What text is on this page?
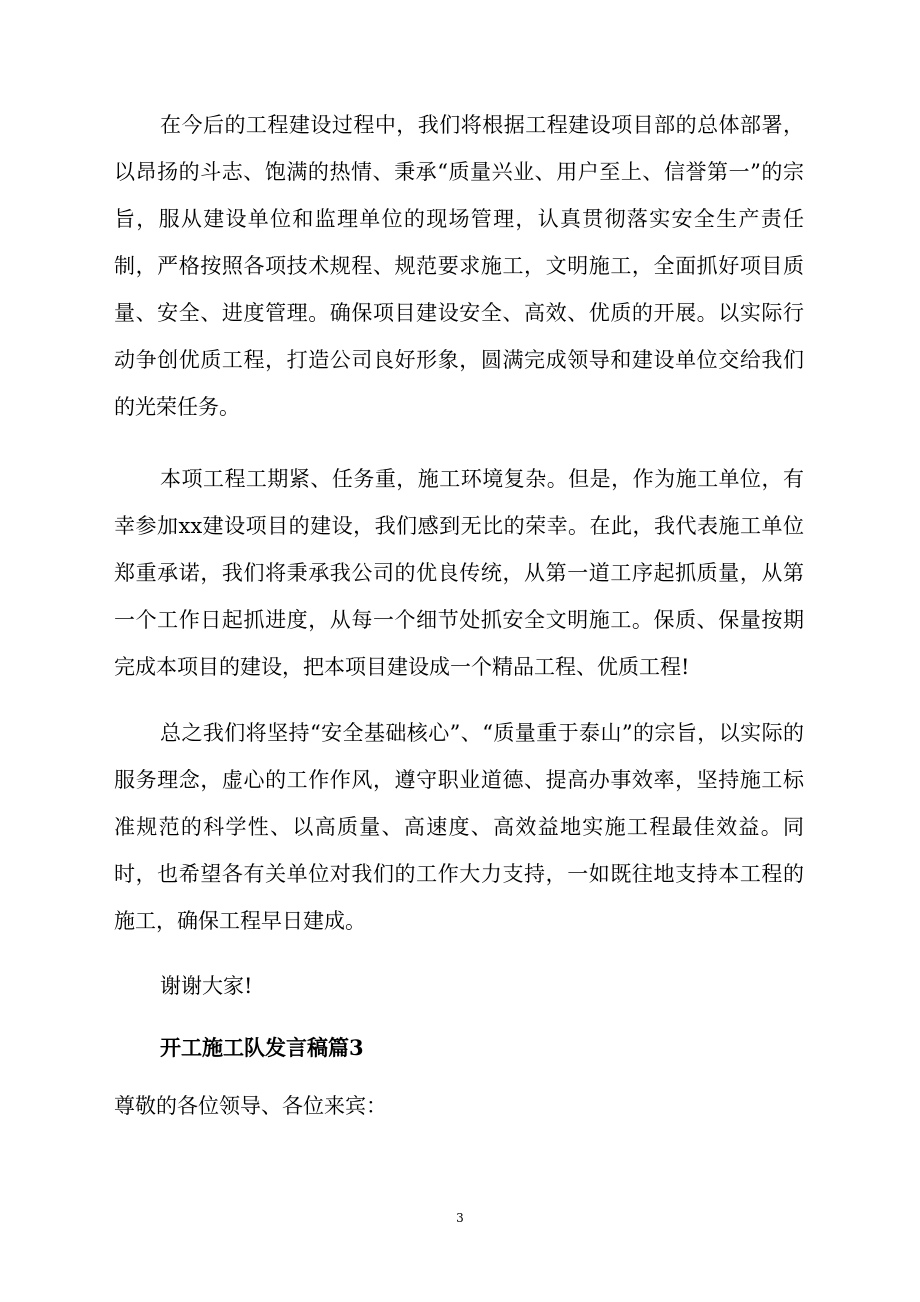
在今后的工程建设过程中，我们将根据工程建设项目部的总体部署，以昂扬的斗志、饱满的热情、秉承“质量兴业、用户至上、信誉第一”的宗旨，服从建设单位和监理单位的现场管理，认真贯彻落实安全生产责任制，严格按照各项技术规程、规范要求施工，文明施工，全面抓好项目质量、安全、进度管理。确保项目建设安全、高效、优质的开展。以实际行动争创优质工程，打造公司良好形象，圆满完成领导和建设单位交给我们的光荣任务。

本项工程工期紧、任务重，施工环境复杂。但是，作为施工单位，有幸参加xx建设项目的建设，我们感到无比的荣幸。在此，我代表施工单位郑重承诺，我们将秉承我公司的优良传统，从第一道工序起抓质量，从第一个工作日起抓进度，从每一个细节处抓安全文明施工。保质、保量按期完成本项目的建设，把本项目建设成一个精品工程、优质工程!

总之我们将坚持“安全基础核心”、“质量重于泰山”的宗旨，以实际的服务理念，虚心的工作作风，遵守职业道德、提高办事效率，坚持施工标准规范的科学性、以高质量、高速度、高效益地实施工程最佳效益。同时，也希望各有关单位对我们的工作大力支持，一如既往地支持本工程的施工，确保工程早日建成。

谢谢大家!

开工施工队发言稿篇3

尊敬的各位领导、各位来宾：

3
